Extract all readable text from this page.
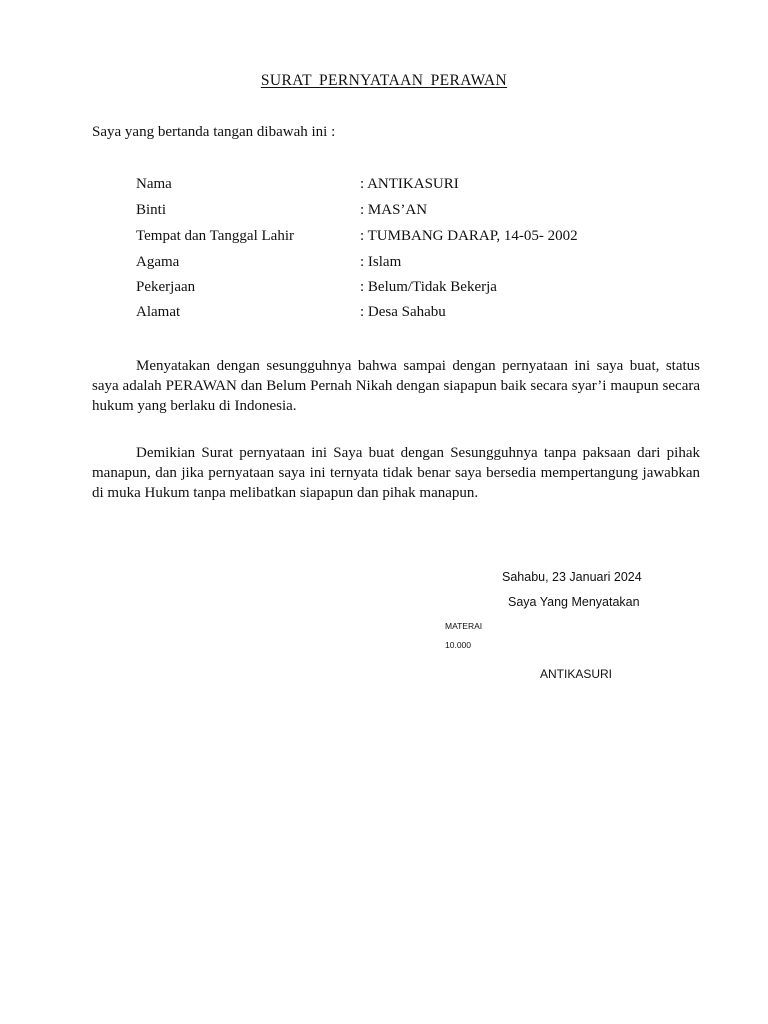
SURAT PERNYATAAN PERAWAN
Saya yang bertanda tangan dibawah ini :
Nama	: ANTIKASURI
Binti	: MAS’AN
Tempat dan Tanggal Lahir	: TUMBANG DARAP, 14-05- 2002
Agama	: Islam
Pekerjaan	: Belum/Tidak Bekerja
Alamat	: Desa Sahabu

Menyatakan dengan sesungguhnya bahwa sampai dengan pernyataan ini saya buat, status saya adalah PERAWAN dan Belum Pernah Nikah dengan siapapun baik secara syar’i maupun secara hukum yang berlaku di Indonesia.

Demikian Surat pernyataan ini Saya buat dengan Sesungguhnya tanpa paksaan dari pihak manapun, dan jika pernyataan saya ini ternyata tidak benar saya bersedia mempertangung jawabkan di muka Hukum tanpa melibatkan siapapun dan pihak manapun.

Sahabu, 23 Januari 2024
Saya Yang Menyatakan
MATERAI
10.000
ANTIKASURI
